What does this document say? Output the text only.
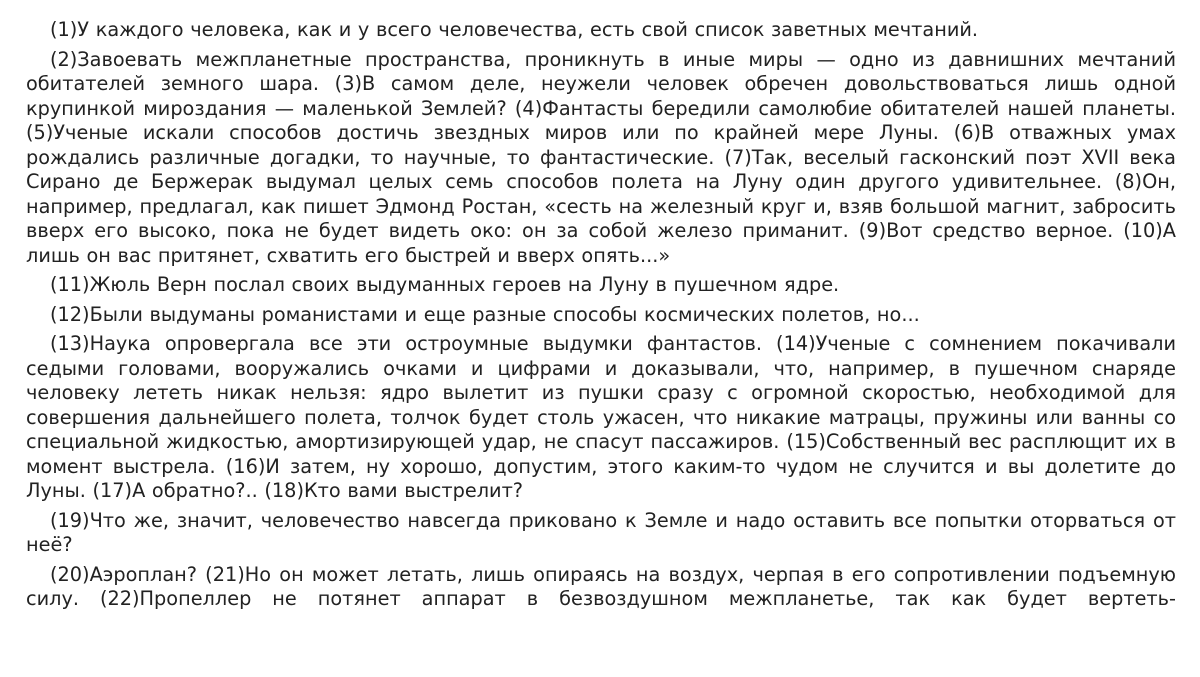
(1)У каждого человека, как и у всего человечества, есть свой список заветных мечтаний.

(2)Завоевать межпланетные пространства, проникнуть в иные миры — одно из давнишних мечтаний обитателей земного шара. (3)В самом деле, неужели человек обречен довольствоваться лишь одной крупинкой мироздания — маленькой Землей? (4)Фантасты бередили самолюбие обитателей нашей планеты. (5)Ученые искали способов достичь звездных миров или по крайней мере Луны. (6)В отважных умах рождались различные догадки, то научные, то фантастические. (7)Так, веселый гасконский поэт XVII века Сирано де Бержерак выдумал целых семь способов полета на Луну один другого удивительнее. (8)Он, например, предлагал, как пишет Эдмонд Ростан, «сесть на железный круг и, взяв большой магнит, забросить вверх его высоко, пока не будет видеть око: он за собой железо приманит. (9)Вот средство верное. (10)А лишь он вас притянет, схватить его быстрей и вверх опять...»

(11)Жюль Верн послал своих выдуманных героев на Луну в пушечном ядре.

(12)Были выдуманы романистами и еще разные способы космических полетов, но...

(13)Наука опровергала все эти остроумные выдумки фантастов. (14)Ученые с сомнением покачивали седыми головами, вооружались очками и цифрами и доказывали, что, например, в пушечном снаряде человеку лететь никак нельзя: ядро вылетит из пушки сразу с огромной скоростью, необходимой для совершения дальнейшего полета, толчок будет столь ужасен, что никакие матрацы, пружины или ванны со специальной жидкостью, амортизирующей удар, не спасут пассажиров. (15)Собственный вес расплющит их в момент выстрела. (16)И затем, ну хорошо, допустим, этого каким-то чудом не случится и вы долетите до Луны. (17)А обратно?.. (18)Кто вами выстрелит?

(19)Что же, значит, человечество навсегда приковано к Земле и надо оставить все попытки оторваться от неё?

(20)Аэроплан? (21)Но он может летать, лишь опираясь на воздух, черпая в его сопротивлении подъемную силу. (22)Пропеллер не потянет аппарат в безвоздушном межпланетье, так как будет вертеть-
